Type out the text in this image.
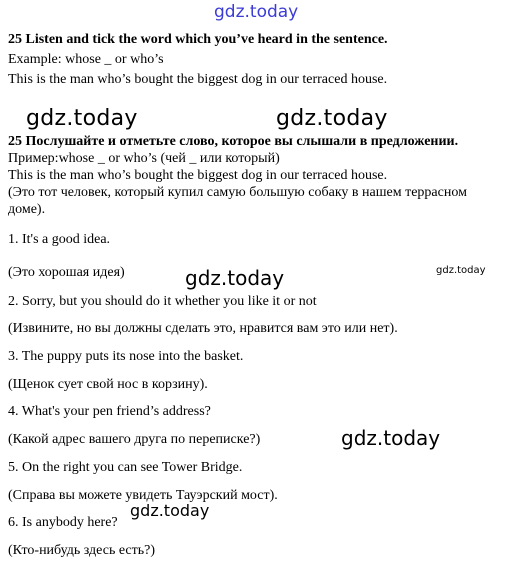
gdz.today
gdz.today	gdz.today
gdz.today	gdz.today
gdz.today
gdz.today
25 Listen and tick the word which you’ve heard in the sentence.
Example: whose _ or who’s
This is the man who’s bought the biggest dog in our terraced house.
25 Послушайте и отметьте слово, которое вы слышали в предложении.
Пример:whose _ or who’s (чей _ или который)
This is the man who’s bought the biggest dog in our terraced house.
(Это тот человек, который купил самую большую собаку в нашем террасном
доме).
1. It's a good idea.
(Это хорошая идея)
2. Sorry, but you should do it whether you like it or not
(Извините, но вы должны сделать это, нравится вам это или нет).
3. The puppy puts its nose into the basket.
(Щенок сует свой нос в корзину).
4. What's your pen friend’s address?
(Какой адрес вашего друга по переписке?)
5. On the right you can see Tower Bridge.
(Справа вы можете увидеть Тауэрский мост).
6. Is anybody here?
(Кто-нибудь здесь есть?)
